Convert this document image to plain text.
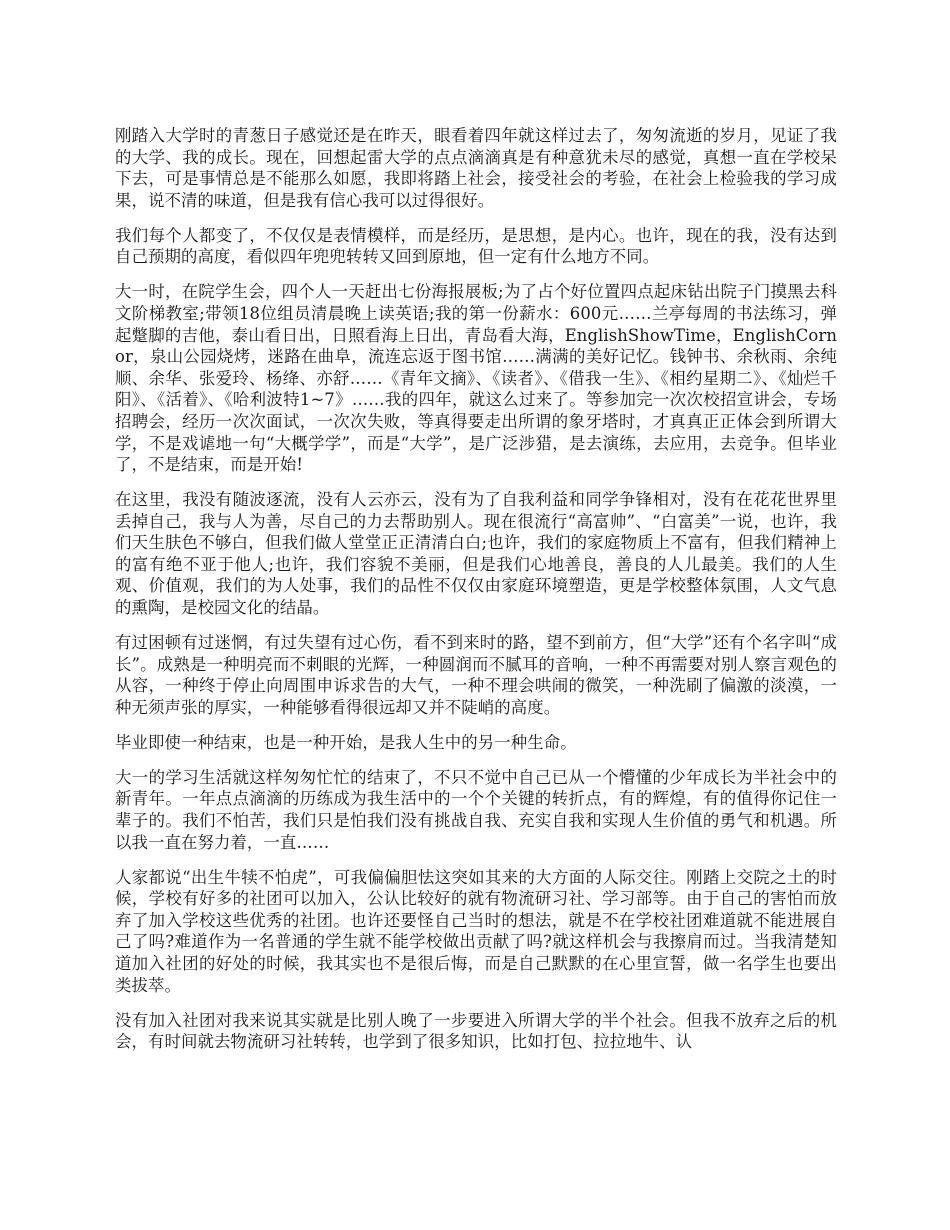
刚踏入大学时的青葱日子感觉还是在昨天，眼看着四年就这样过去了，匆匆流逝的岁月，见证了我的大学、我的成长。现在，回想起雷大学的点点滴滴真是有种意犹未尽的感觉，真想一直在学校呆下去，可是事情总是不能那么如愿，我即将踏上社会，接受社会的考验，在社会上检验我的学习成果，说不清的味道，但是我有信心我可以过得很好。

我们每个人都变了，不仅仅是表情模样，而是经历，是思想，是内心。也许，现在的我，没有达到自己预期的高度，看似四年兜兜转转又回到原地，但一定有什么地方不同。

大一时，在院学生会，四个人一天赶出七份海报展板;为了占个好位置四点起床钻出院子门摸黑去科文阶梯教室;带领18位组员清晨晚上读英语;我的第一份薪水：600元……兰亭每周的书法练习，弹起蹩脚的吉他，泰山看日出，日照看海上日出，青岛看大海，EnglishShowTime，EnglishCornor，泉山公园烧烤，迷路在曲阜，流连忘返于图书馆……满满的美好记忆。钱钟书、余秋雨、余纯顺、余华、张爱玲、杨绛、亦舒……《青年文摘》、《读者》、《借我一生》、《相约星期二》、《灿烂千阳》、《活着》、《哈利波特1~7》……我的四年，就这么过来了。等参加完一次次校招宣讲会，专场招聘会，经历一次次面试，一次次失败，等真得要走出所谓的象牙塔时，才真真正正体会到所谓大学，不是戏谑地一句“大概学学”，而是“大学”，是广泛涉猎，是去演练，去应用，去竞争。但毕业了，不是结束，而是开始!

在这里，我没有随波逐流，没有人云亦云，没有为了自我利益和同学争锋相对，没有在花花世界里丢掉自己，我与人为善，尽自己的力去帮助别人。现在很流行“高富帅”、“白富美”一说，也许，我们天生肤色不够白，但我们做人堂堂正正清清白白;也许，我们的家庭物质上不富有，但我们精神上的富有绝不亚于他人;也许，我们容貌不美丽，但是我们心地善良，善良的人儿最美。我们的人生观、价值观，我们的为人处事，我们的品性不仅仅由家庭环境塑造，更是学校整体氛围，人文气息的熏陶，是校园文化的结晶。

有过困顿有过迷惘，有过失望有过心伤，看不到来时的路，望不到前方，但“大学”还有个名字叫“成长”。成熟是一种明亮而不刺眼的光辉，一种圆润而不腻耳的音响，一种不再需要对别人察言观色的从容，一种终于停止向周围申诉求告的大气，一种不理会哄闹的微笑，一种洗刷了偏激的淡漠，一种无须声张的厚实，一种能够看得很远却又并不陡峭的高度。

毕业即使一种结束，也是一种开始，是我人生中的另一种生命。

大一的学习生活就这样匆匆忙忙的结束了，不只不觉中自己已从一个懵懂的少年成长为半社会中的新青年。一年点点滴滴的历练成为我生活中的一个个关键的转折点，有的辉煌，有的值得你记住一辈子的。我们不怕苦，我们只是怕我们没有挑战自我、充实自我和实现人生价值的勇气和机遇。所以我一直在努力着，一直……

人家都说“出生牛犊不怕虎”，可我偏偏胆怯这突如其来的大方面的人际交往。刚踏上交院之土的时候，学校有好多的社团可以加入，公认比较好的就有物流研习社、学习部等。由于自己的害怕而放弃了加入学校这些优秀的社团。也许还要怪自己当时的想法，就是不在学校社团难道就不能进展自己了吗?难道作为一名普通的学生就不能学校做出贡献了吗?就这样机会与我擦肩而过。当我清楚知道加入社团的好处的时候，我其实也不是很后悔，而是自己默默的在心里宣誓，做一名学生也要出类拔萃。

没有加入社团对我来说其实就是比别人晚了一步要进入所谓大学的半个社会。但我不放弃之后的机会，有时间就去物流研习社转转，也学到了很多知识，比如打包、拉拉地牛、认
